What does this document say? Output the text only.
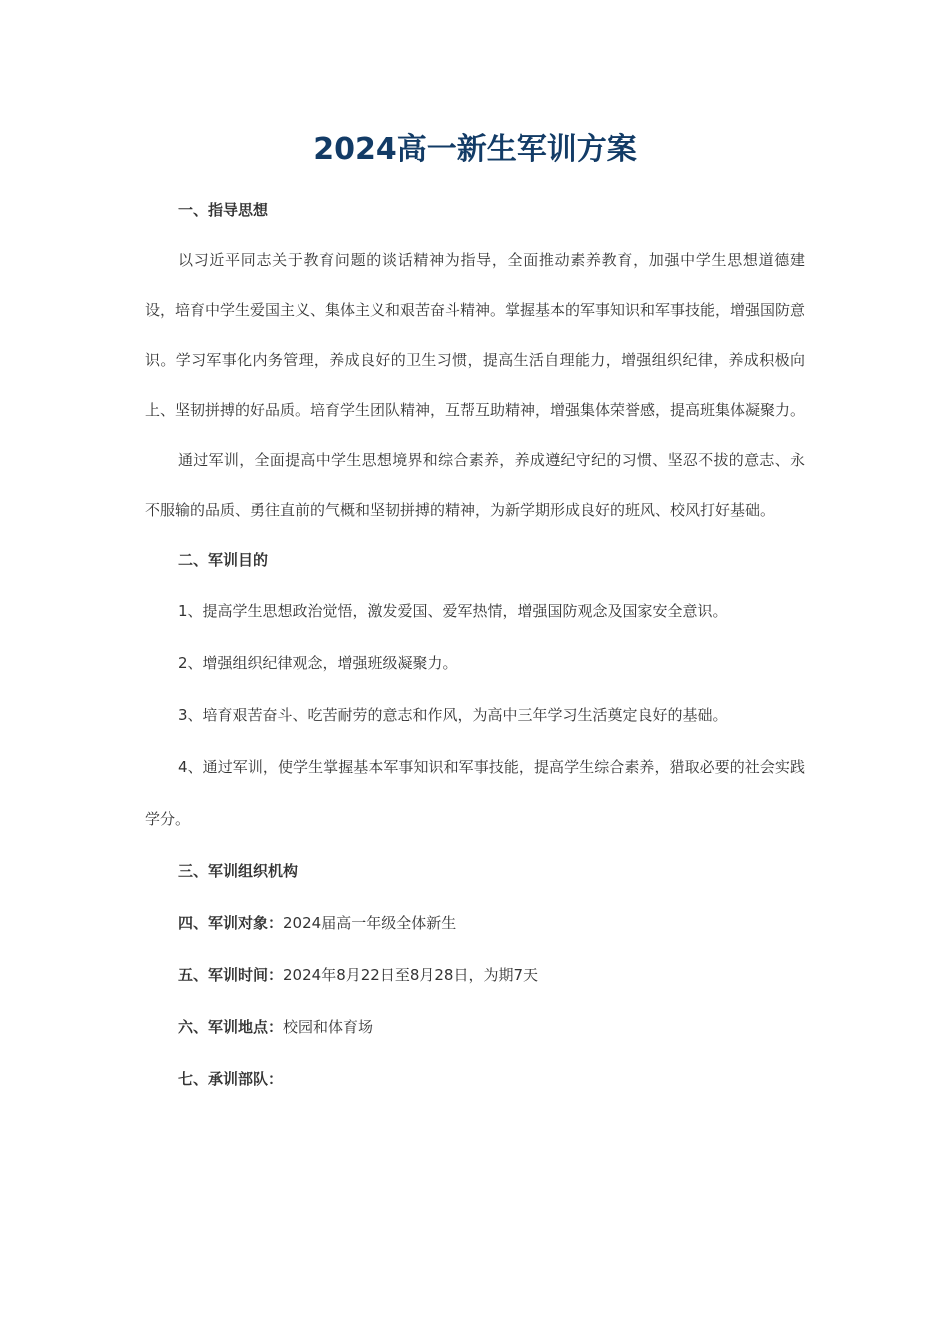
2024高一新生军训方案

一、指导思想

以习近平同志关于教育问题的谈话精神为指导，全面推动素养教育，加强中学生思想道德建设，培育中学生爱国主义、集体主义和艰苦奋斗精神。掌握基本的军事知识和军事技能，增强国防意识。学习军事化内务管理，养成良好的卫生习惯，提高生活自理能力，增强组织纪律，养成积极向上、坚韧拼搏的好品质。培育学生团队精神，互帮互助精神，增强集体荣誉感，提高班集体凝聚力。

通过军训，全面提高中学生思想境界和综合素养，养成遵纪守纪的习惯、坚忍不拔的意志、永不服输的品质、勇往直前的气概和坚韧拼搏的精神，为新学期形成良好的班风、校风打好基础。

二、军训目的

1、提高学生思想政治觉悟，激发爱国、爱军热情，增强国防观念及国家安全意识。

2、增强组织纪律观念，增强班级凝聚力。

3、培育艰苦奋斗、吃苦耐劳的意志和作风，为高中三年学习生活奠定良好的基础。

4、通过军训，使学生掌握基本军事知识和军事技能，提高学生综合素养，猎取必要的社会实践学分。

三、军训组织机构

四、军训对象：2024届高一年级全体新生

五、军训时间：2024年8月22日至8月28日，为期7天

六、军训地点：校园和体育场

七、承训部队：
